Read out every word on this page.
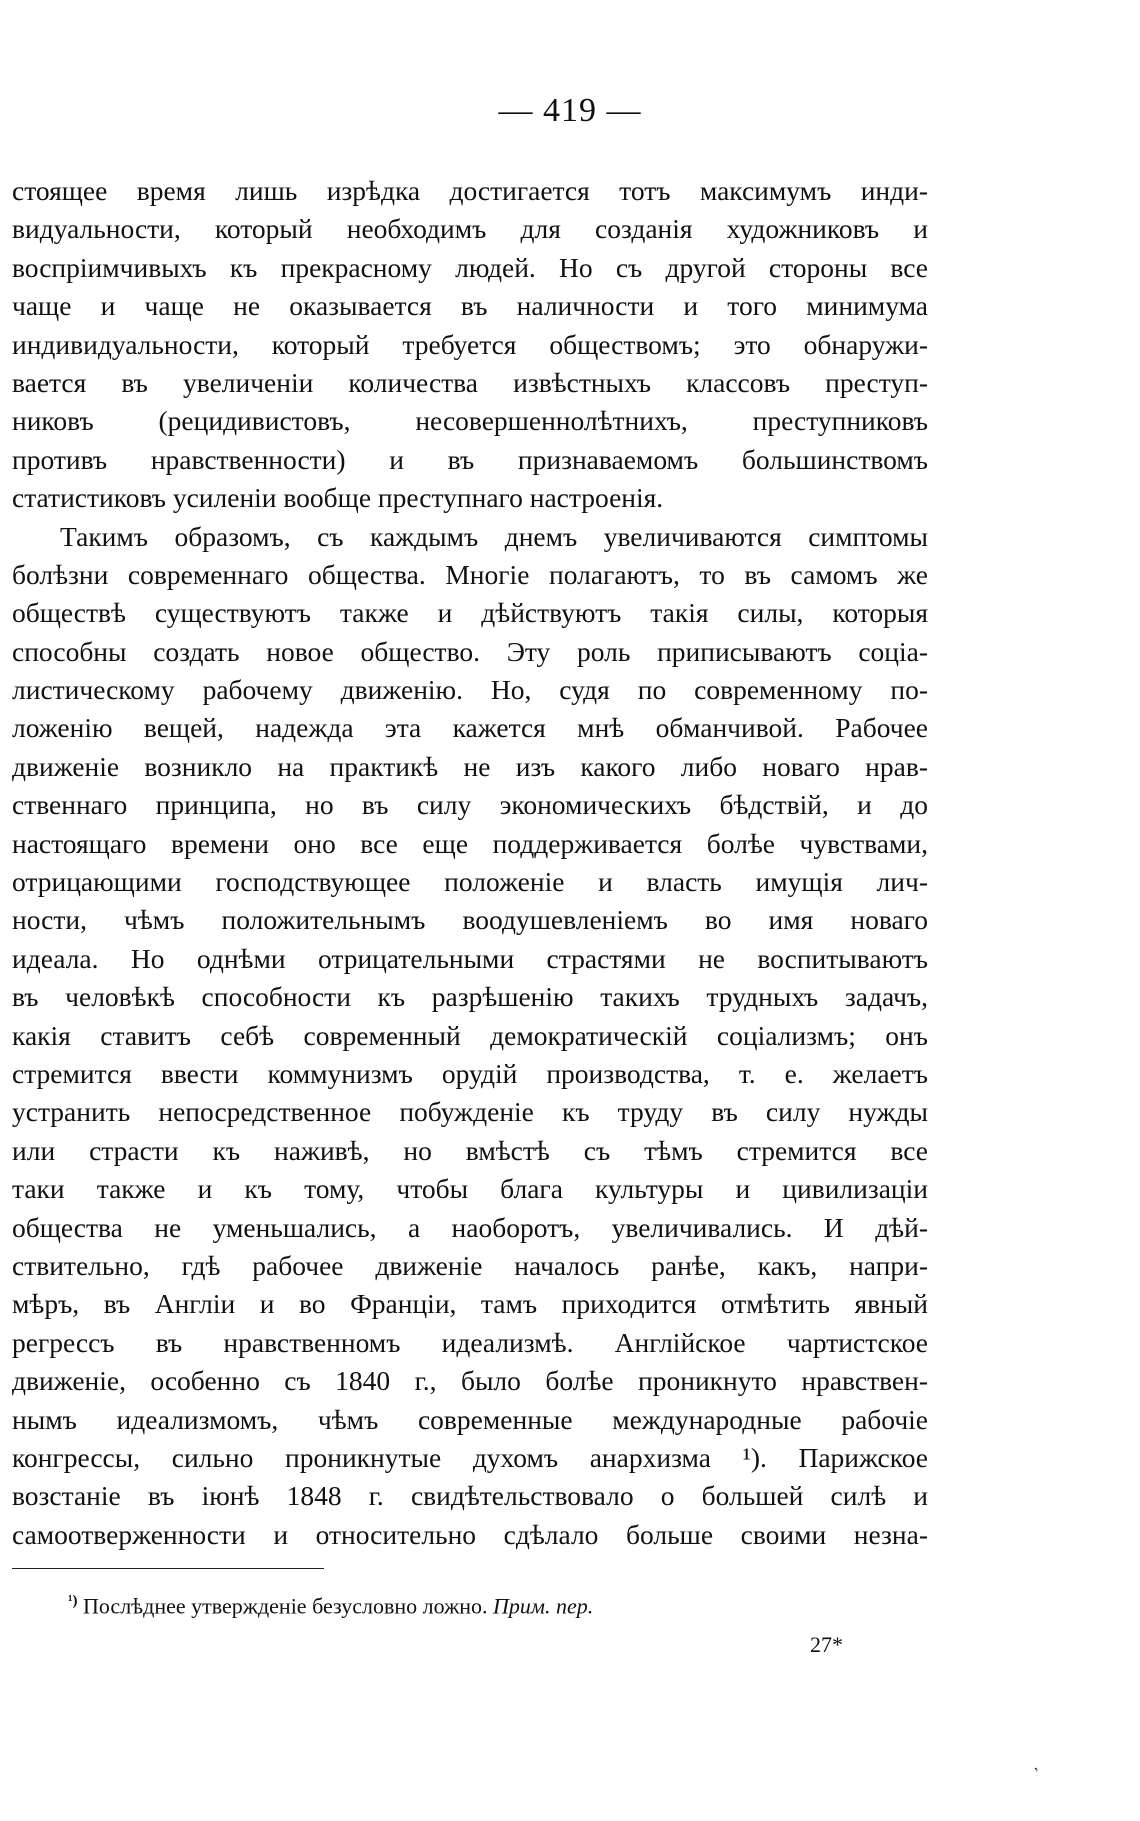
— 419 —
стоящее время лишь изрѣдка достигается тотъ максимумъ инди-
видуальности, который необходимъ для созданія художниковъ и
воспріимчивыхъ къ прекрасному людей. Но съ другой стороны все
чаще и чаще не оказывается въ наличности и того минимума
индивидуальности, который требуется обществомъ; это обнаружи-
вается въ увеличеніи количества извѣстныхъ классовъ преступ-
никовъ (рецидивистовъ, несовершеннолѣтнихъ, преступниковъ
противъ нравственности) и въ признаваемомъ большинствомъ
статистиковъ усиленіи вообще преступнаго настроенія.
Такимъ образомъ, съ каждымъ днемъ увеличиваются симптомы
болѣзни современнаго общества. Многіе полагаютъ, то въ самомъ же
обществѣ существуютъ также и дѣйствуютъ такія силы, которыя
способны создать новое общество. Эту роль приписываютъ соціа-
листическому рабочему движенію. Но, судя по современному по-
ложенію вещей, надежда эта кажется мнѣ обманчивой. Рабочее
движеніе возникло на практикѣ не изъ какого либо новаго нрав-
ственнаго принципа, но въ силу экономическихъ бѣдствій, и до
настоящаго времени оно все еще поддерживается болѣе чувствами,
отрицающими господствующее положеніе и власть имущія лич-
ности, чѣмъ положительнымъ воодушевленіемъ во имя новаго
идеала. Но однѣми отрицательными страстями не воспитываютъ
въ человѣкѣ способности къ разрѣшенію такихъ трудныхъ задачъ,
какія ставитъ себѣ современный демократическій соціализмъ; онъ
стремится ввести коммунизмъ орудій производства, т. е. желаетъ
устранить непосредственное побужденіе къ труду въ силу нужды
или страсти къ наживѣ, но вмѣстѣ съ тѣмъ стремится все
таки также и къ тому, чтобы блага культуры и цивилизаціи
общества не уменьшались, а наоборотъ, увеличивались. И дѣй-
ствительно, гдѣ рабочее движеніе началось ранѣе, какъ, напри-
мѣръ, въ Англіи и во Франціи, тамъ приходится отмѣтить явный
регрессъ въ нравственномъ идеализмѣ. Англійское чартистское
движеніе, особенно съ 1840 г., было болѣе проникнуто нравствен-
нымъ идеализмомъ, чѣмъ современные международные рабочіе
конгрессы, сильно проникнутые духомъ анархизма ¹). Парижское
возстаніе въ іюнѣ 1848 г. свидѣтельствовало о большей силѣ и
самоотверженности и относительно сдѣлало больше своими незна-
$^{^1)}$ Послѣднее утвержденіе безусловно ложно. Прим. пер.
27*
,
